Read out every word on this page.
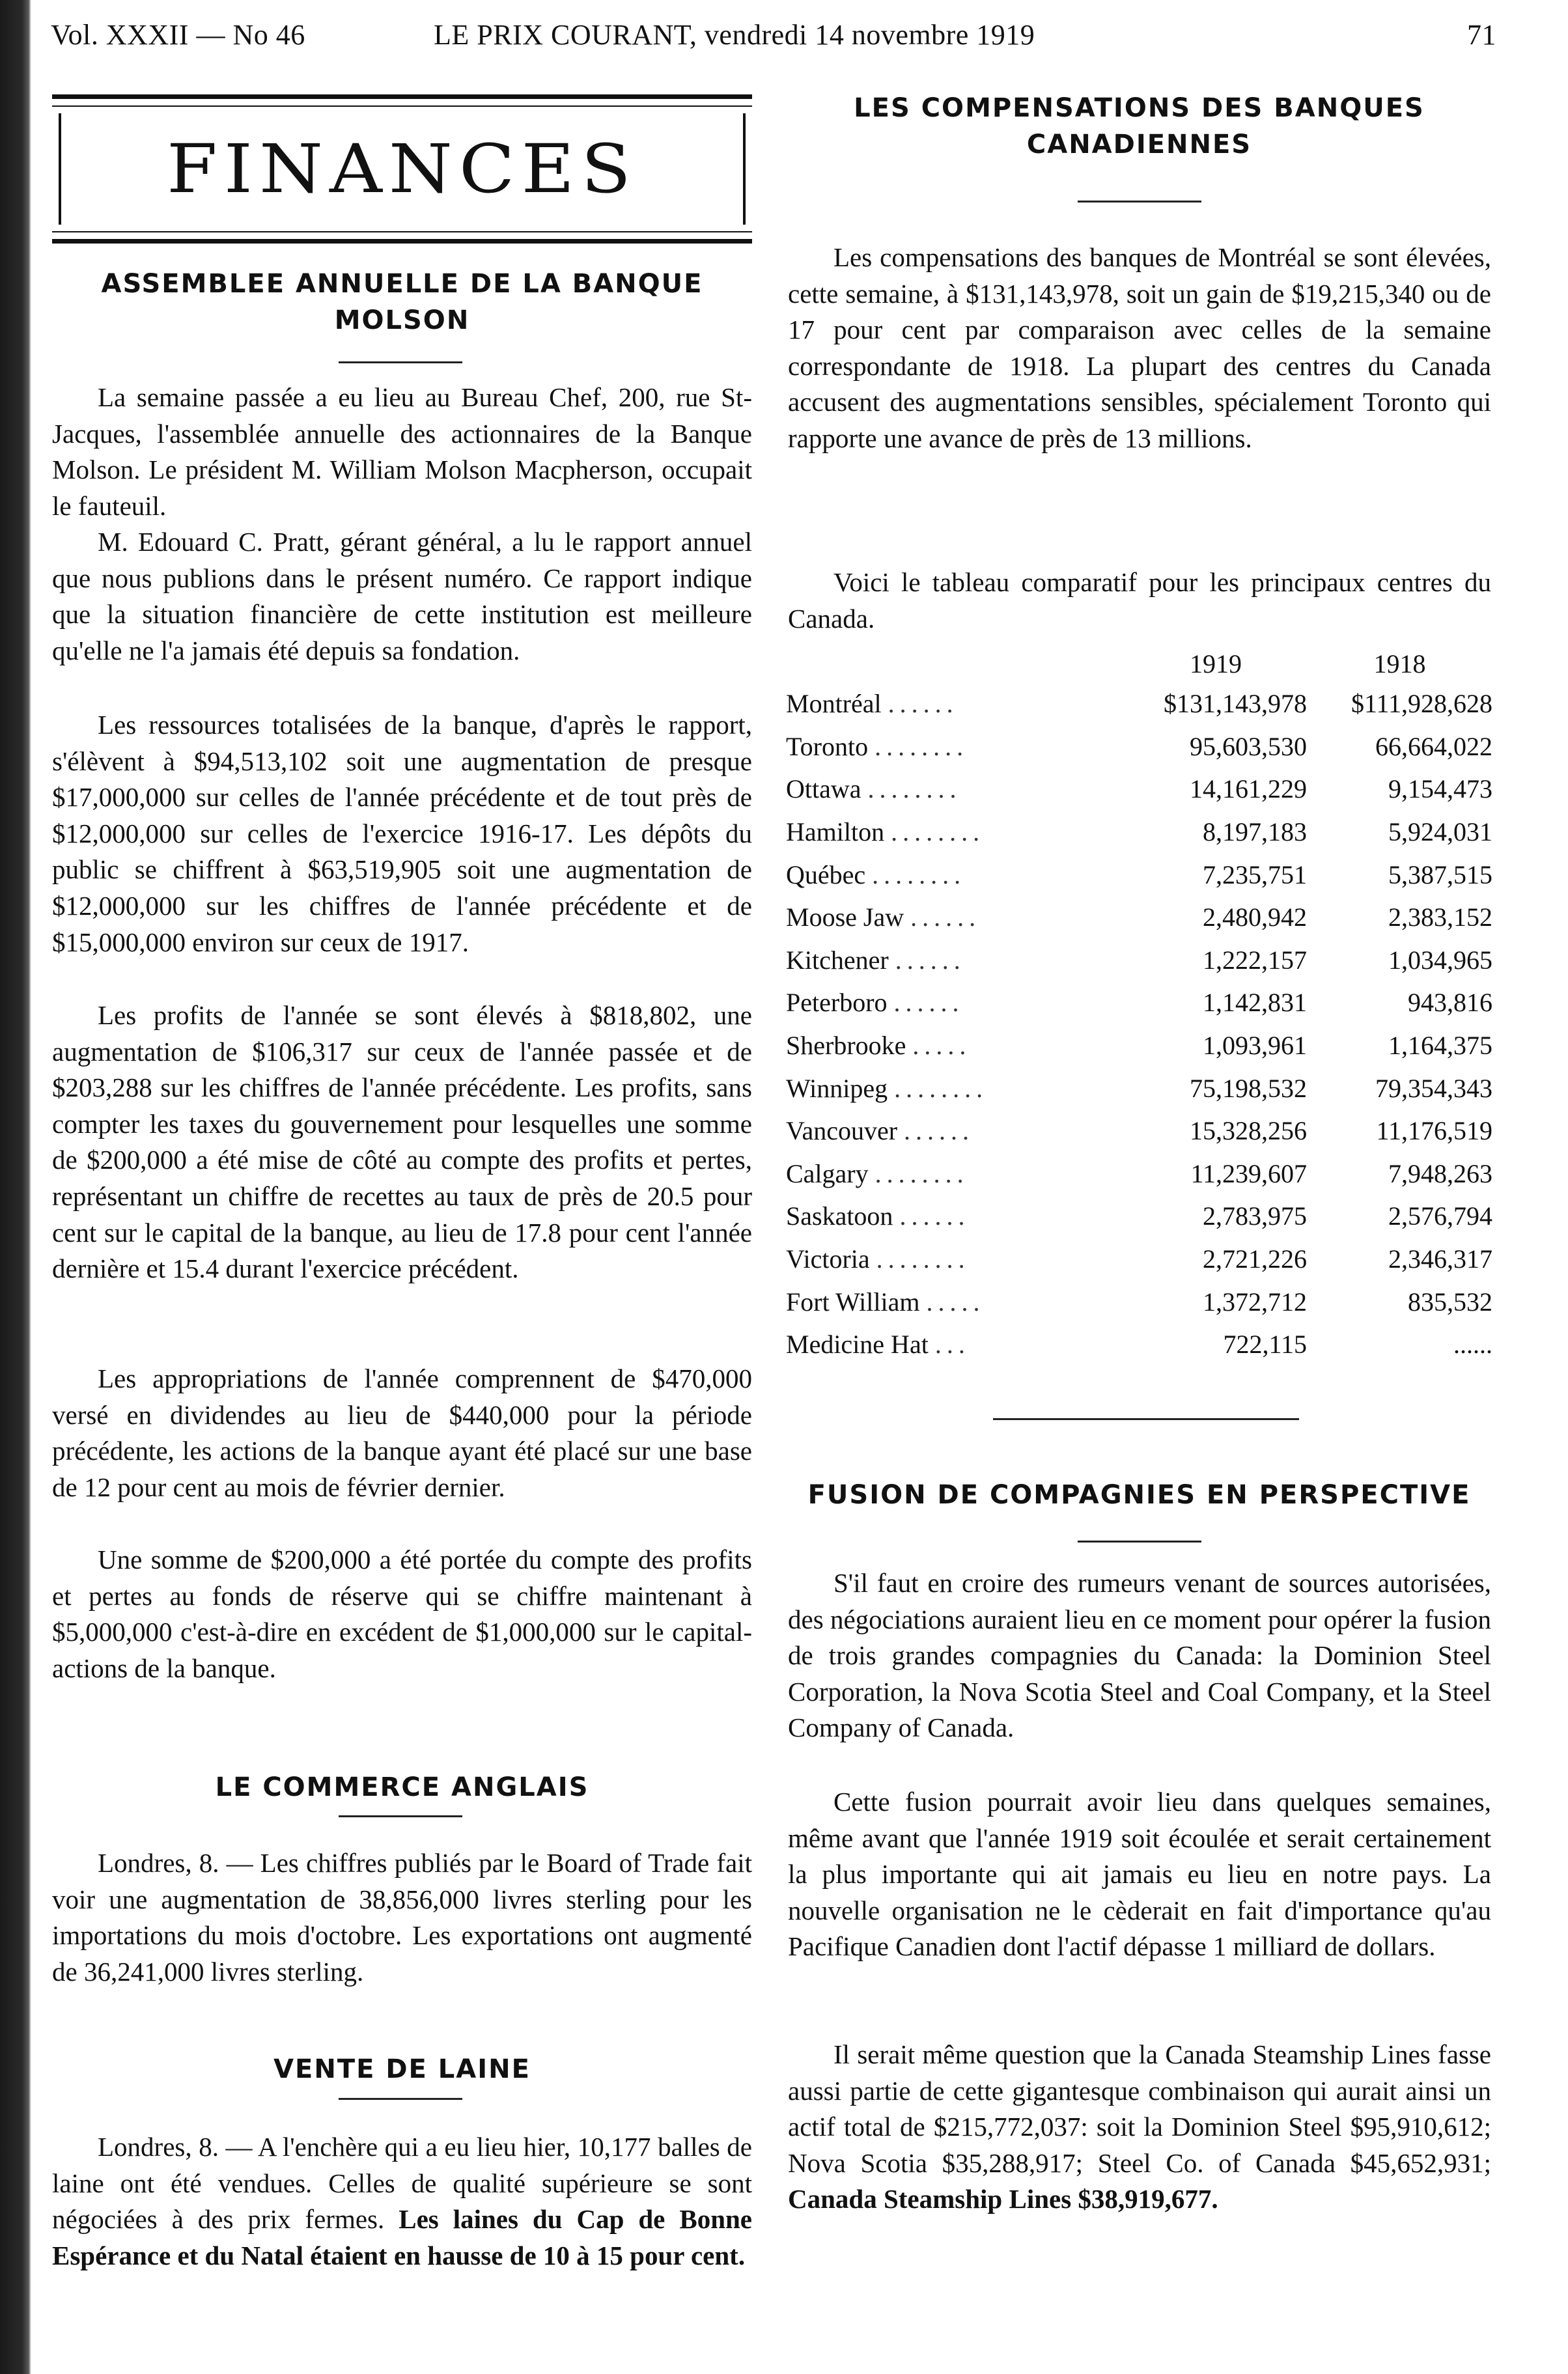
Vol. XXXII — No 46	LE PRIX COURANT, vendredi 14 novembre 1919	71
FINANCES
ASSEMBLEE ANNUELLE DE LA BANQUE
MOLSON

La semaine passée a eu lieu au Bureau Chef, 200, rue St-Jacques, l'assemblée annuelle des actionnaires de la Banque Molson. Le président M. William Molson Macpherson, occupait le fauteuil.

M. Edouard C. Pratt, gérant général, a lu le rapport annuel que nous publions dans le présent numéro. Ce rapport indique que la situation financière de cette institution est meilleure qu'elle ne l'a jamais été depuis sa fondation.

Les ressources totalisées de la banque, d'après le rapport, s'élèvent à $94,513,102 soit une augmentation de presque $17,000,000 sur celles de l'année précédente et de tout près de $12,000,000 sur celles de l'exercice 1916-17. Les dépôts du public se chiffrent à $63,519,905 soit une augmentation de $12,000,000 sur les chiffres de l'année précédente et de $15,000,000 environ sur ceux de 1917.

Les profits de l'année se sont élevés à $818,802, une augmentation de $106,317 sur ceux de l'année passée et de $203,288 sur les chiffres de l'année précédente. Les profits, sans compter les taxes du gouvernement pour lesquelles une somme de $200,000 a été mise de côté au compte des profits et pertes, représentant un chiffre de recettes au taux de près de 20.5 pour cent sur le capital de la banque, au lieu de 17.8 pour cent l'année dernière et 15.4 durant l'exercice précédent.

Les appropriations de l'année comprennent de $470,000 versé en dividendes au lieu de $440,000 pour la période précédente, les actions de la banque ayant été placé sur une base de 12 pour cent au mois de février dernier.

Une somme de $200,000 a été portée du compte des profits et pertes au fonds de réserve qui se chiffre maintenant à $5,000,000 c'est-à-dire en excédent de $1,000,000 sur le capital-actions de la banque.

LE COMMERCE ANGLAIS

Londres, 8. — Les chiffres publiés par le Board of Trade fait voir une augmentation de 38,856,000 livres sterling pour les importations du mois d'octobre. Les exportations ont augmenté de 36,241,000 livres sterling.

VENTE DE LAINE

Londres, 8. — A l'enchère qui a eu lieu hier, 10,177 balles de laine ont été vendues. Celles de qualité supérieure se sont négociées à des prix fermes. Les laines du Cap de Bonne Espérance et du Natal étaient en hausse de 10 à 15 pour cent.

LES COMPENSATIONS DES BANQUES
CANADIENNES

Les compensations des banques de Montréal se sont élevées, cette semaine, à $131,143,978, soit un gain de $19,215,340 ou de 17 pour cent par comparaison avec celles de la semaine correspondante de 1918. La plupart des centres du Canada accusent des augmentations sensibles, spécialement Toronto qui rapporte une avance de près de 13 millions.

Voici le tableau comparatif pour les principaux centres du Canada.

	1919	1918
Montréal ......	$131,143,978	$111,928,628
Toronto ........	95,603,530	66,664,022
Ottawa ........	14,161,229	9,154,473
Hamilton ........	8,197,183	5,924,031
Québec ........	7,235,751	5,387,515
Moose Jaw ......	2,480,942	2,383,152
Kitchener ......	1,222,157	1,034,965
Peterboro ......	1,142,831	943,816
Sherbrooke .....	1,093,961	1,164,375
Winnipeg ........	75,198,532	79,354,343
Vancouver ......	15,328,256	11,176,519
Calgary ........	11,239,607	7,948,263
Saskatoon ......	2,783,975	2,576,794
Victoria ........	2,721,226	2,346,317
Fort William .....	1,372,712	835,532
Medicine Hat ...	722,115	......
FUSION DE COMPAGNIES EN PERSPECTIVE

S'il faut en croire des rumeurs venant de sources autorisées, des négociations auraient lieu en ce moment pour opérer la fusion de trois grandes compagnies du Canada: la Dominion Steel Corporation, la Nova Scotia Steel and Coal Company, et la Steel Company of Canada.

Cette fusion pourrait avoir lieu dans quelques semaines, même avant que l'année 1919 soit écoulée et serait certainement la plus importante qui ait jamais eu lieu en notre pays. La nouvelle organisation ne le cèderait en fait d'importance qu'au Pacifique Canadien dont l'actif dépasse 1 milliard de dollars.

Il serait même question que la Canada Steamship Lines fasse aussi partie de cette gigantesque combinaison qui aurait ainsi un actif total de $215,772,037: soit la Dominion Steel $95,910,612; Nova Scotia $35,288,917; Steel Co. of Canada $45,652,931; Canada Steamship Lines $38,919,677.
